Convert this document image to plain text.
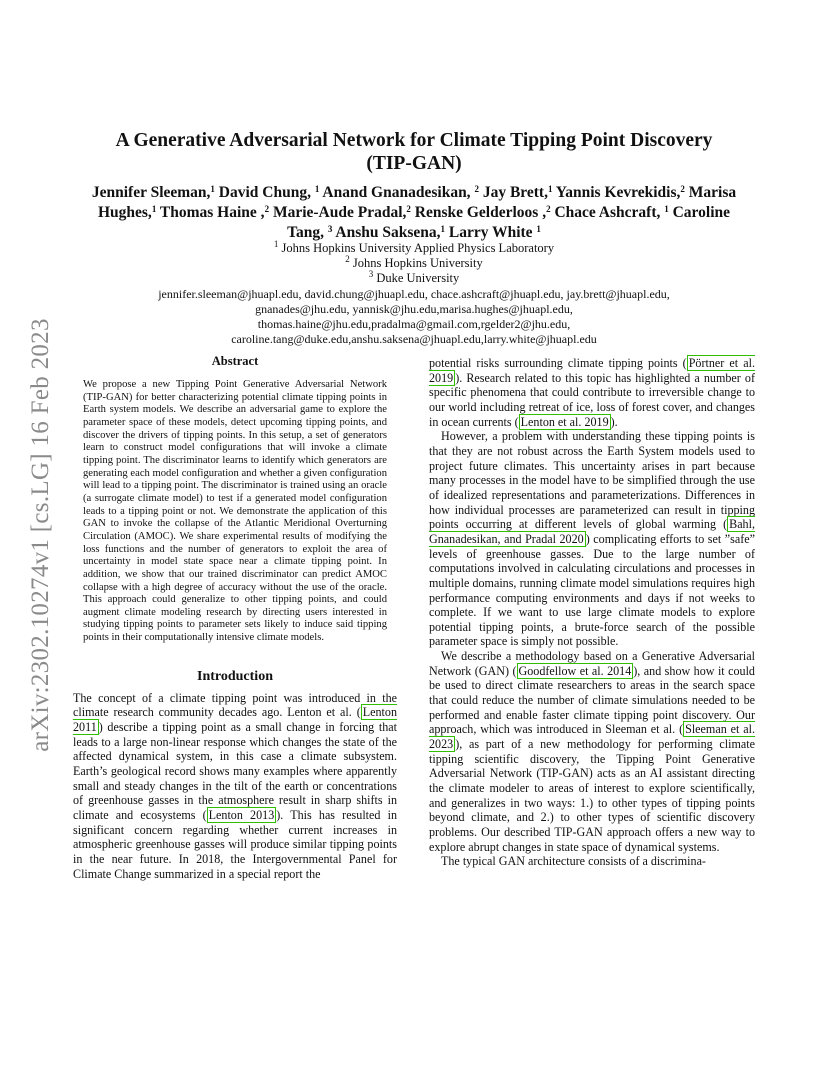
arXiv:2302.10274v1 [cs.LG] 16 Feb 2023
A Generative Adversarial Network for Climate Tipping Point Discovery
(TIP-GAN)
Jennifer Sleeman,$^1$ David Chung, $^1$ Anand Gnanadesikan, $^2$ Jay Brett,$^1$ Yannis Kevrekidis,$^2$ Marisa Hughes,$^1$ Thomas Haine ,$^2$ Marie-Aude Pradal,$^2$ Renske Gelderloos ,$^2$ Chace Ashcraft, $^1$ Caroline Tang, $^3$ Anshu Saksena,$^1$ Larry White $^1$
$^1$ Johns Hopkins University Applied Physics Laboratory
$^2$ Johns Hopkins University
$^3$ Duke University
jennifer.sleeman@jhuapl.edu, david.chung@jhuapl.edu, chace.ashcraft@jhuapl.edu, jay.brett@jhuapl.edu,
gnanades@jhu.edu, yannisk@jhu.edu,marisa.hughes@jhuapl.edu,
thomas.haine@jhu.edu,pradalma@gmail.com,rgelder2@jhu.edu,
caroline.tang@duke.edu,anshu.saksena@jhuapl.edu,larry.white@jhuapl.edu
Abstract

We propose a new Tipping Point Generative Adversarial Network (TIP-GAN) for better characterizing potential climate tipping points in Earth system models. We describe an adversarial game to explore the parameter space of these models, detect upcoming tipping points, and discover the drivers of tipping points. In this setup, a set of generators learn to construct model configurations that will invoke a climate tipping point. The discriminator learns to identify which generators are generating each model configuration and whether a given configuration will lead to a tipping point. The discriminator is trained using an oracle (a surrogate climate model) to test if a generated model configuration leads to a tipping point or not. We demonstrate the application of this GAN to invoke the collapse of the Atlantic Meridional Overturning Circulation (AMOC). We share experimental results of modifying the loss functions and the number of generators to exploit the area of uncertainty in model state space near a climate tipping point. In addition, we show that our trained discriminator can predict AMOC collapse with a high degree of accuracy without the use of the oracle. This approach could generalize to other tipping points, and could augment climate modeling research by directing users interested in studying tipping points to parameter sets likely to induce said tipping points in their computationally intensive climate models.

Introduction

The concept of a climate tipping point was introduced in the climate research community decades ago. Lenton et al. ( Lenton 2011 ) describe a tipping point as a small change in forcing that leads to a large non-linear response which changes the state of the affected dynamical system, in this case a climate subsystem. Earth’s geological record shows many examples where apparently small and steady changes in the tilt of the earth or concentrations of greenhouse gasses in the atmosphere result in sharp shifts in climate and ecosystems ( Lenton 2013 ). This has resulted in significant concern regarding whether current increases in atmospheric greenhouse gasses will produce similar tipping points in the near future. In 2018, the Intergovernmental Panel for Climate Change summarized in a special report the

potential risks surrounding climate tipping points ( Pörtner et al. 2019 ). Research related to this topic has highlighted a number of specific phenomena that could contribute to irreversible change to our world including retreat of ice, loss of forest cover, and changes in ocean currents ( Lenton et al. 2019 ).

However, a problem with understanding these tipping points is that they are not robust across the Earth System models used to project future climates. This uncertainty arises in part because many processes in the model have to be simplified through the use of idealized representations and parameterizations. Differences in how individual processes are parameterized can result in tipping points occurring at different levels of global warming ( Bahl, Gnanadesikan, and Pradal 2020 ) complicating efforts to set ”safe” levels of greenhouse gasses. Due to the large number of computations involved in calculating circulations and processes in multiple domains, running climate model simulations requires high performance computing environments and days if not weeks to complete. If we want to use large climate models to explore potential tipping points, a brute-force search of the possible parameter space is simply not possible.

We describe a methodology based on a Generative Adversarial Network (GAN) ( Goodfellow et al. 2014 ), and show how it could be used to direct climate researchers to areas in the search space that could reduce the number of climate simulations needed to be performed and enable faster climate tipping point discovery. Our approach, which was introduced in Sleeman et al. ( Sleeman et al. 2023 ), as part of a new methodology for performing climate tipping scientific discovery, the Tipping Point Generative Adversarial Network (TIP-GAN) acts as an AI assistant directing the climate modeler to areas of interest to explore scientifically, and generalizes in two ways: 1.) to other types of tipping points beyond climate, and 2.) to other types of scientific discovery problems. Our described TIP-GAN approach offers a new way to explore abrupt changes in state space of dynamical systems.

The typical GAN architecture consists of a discrimina-
